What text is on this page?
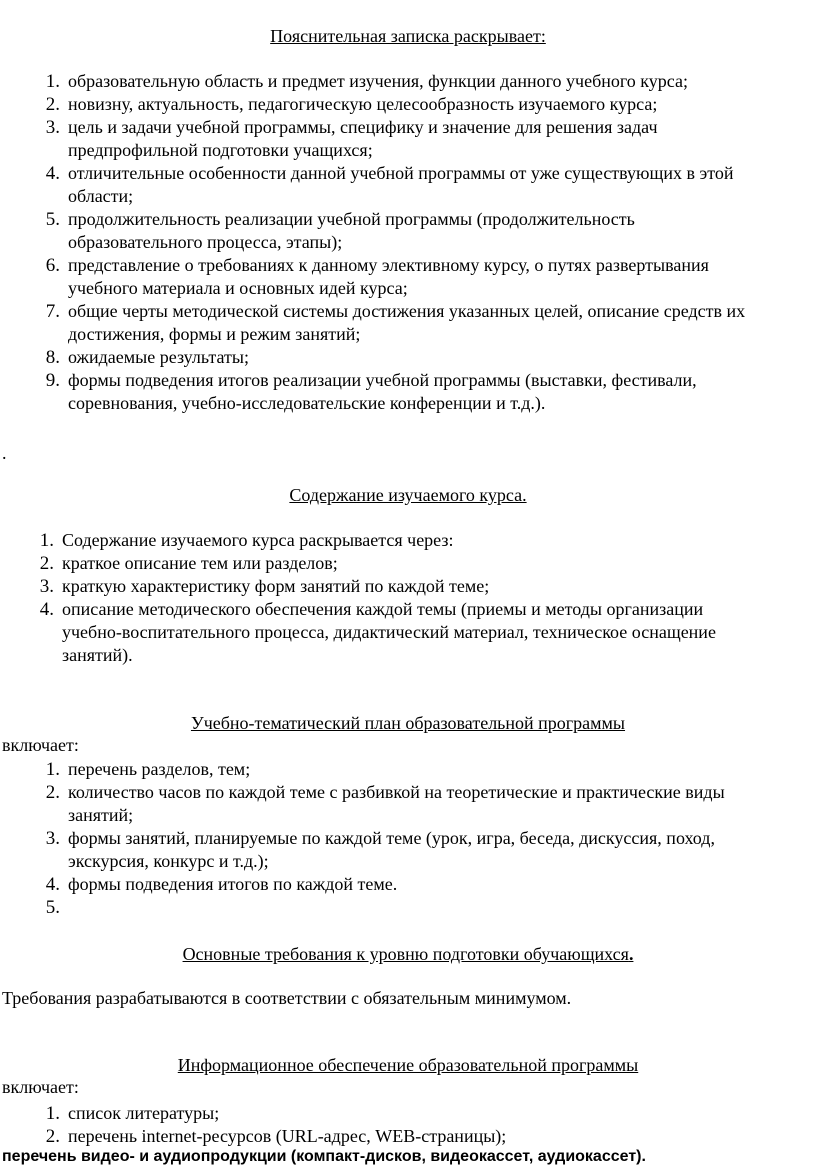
Пояснительная записка раскрывает:
1. образовательную область и предмет изучения, функции данного учебного курса;
2. новизну, актуальность, педагогическую целесообразность изучаемого курса;
3. цель и задачи учебной программы, специфику и значение для решения задач
предпрофильной подготовки учащихся;
4. отличительные особенности данной учебной программы от уже существующих в этой
области;
5. продолжительность реализации учебной программы (продолжительность
образовательного процесса, этапы);
6. представление о требованиях к данному элективному курсу, о путях развертывания
учебного материала и основных идей курса;
7. общие черты методической системы достижения указанных целей, описание средств их
достижения, формы и режим занятий;
8. ожидаемые результаты;
9. формы подведения итогов реализации учебной программы (выставки, фестивали,
соревнования, учебно-исследовательские конференции и т.д.).
.
Содержание изучаемого курса.
1. Содержание изучаемого курса раскрывается через:
2. краткое описание тем или разделов;
3. краткую характеристику форм занятий по каждой теме;
4. описание методического обеспечения каждой темы (приемы и методы организации
учебно-воспитательного процесса, дидактический материал, техническое оснащение
занятий).
Учебно-тематический план образовательной программы
включает:
1. перечень разделов, тем;
2. количество часов по каждой теме с разбивкой на теоретические и практические виды
занятий;
3. формы занятий, планируемые по каждой теме (урок, игра, беседа, дискуссия, поход,
экскурсия, конкурс и т.д.);
4. формы подведения итогов по каждой теме.
5.
Основные требования к уровню подготовки обучающихся.
Требования разрабатываются в соответствии с обязательным минимумом.
Информационное обеспечение образовательной программы
включает:
1. список литературы;
2. перечень internet-ресурсов (URL-адрес, WEB-страницы);
перечень видео- и аудиопродукции (компакт-дисков, видеокассет, аудиокассет).
